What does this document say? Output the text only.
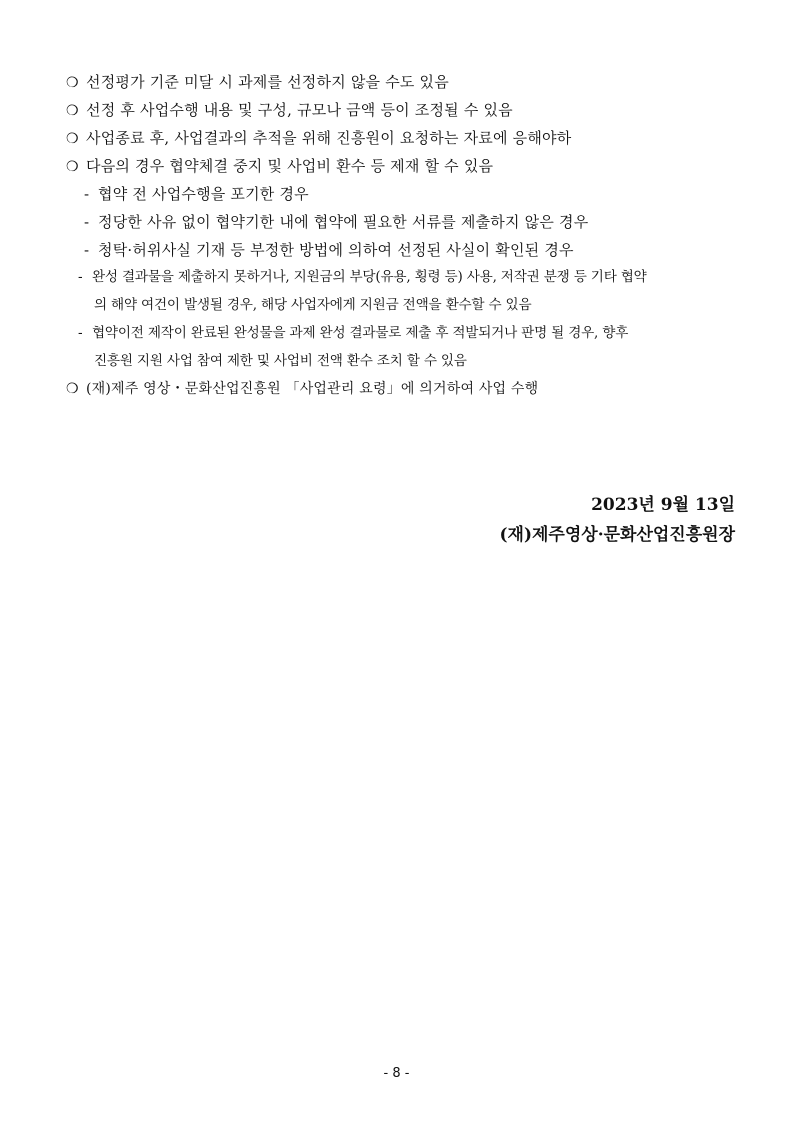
❍ 선정평가 기준 미달 시 과제를 선정하지 않을 수도 있음
❍ 선정 후 사업수행 내용 및 구성, 규모나 금액 등이 조정될 수 있음
❍ 사업종료 후, 사업결과의 추적을 위해 진흥원이 요청하는 자료에 응해야하
❍ 다음의 경우 협약체결 중지 및 사업비 환수 등 제재 할 수 있음
- 협약 전 사업수행을 포기한 경우
- 정당한 사유 없이 협약기한 내에 협약에 필요한 서류를 제출하지 않은 경우
- 청탁·허위사실 기재 등 부정한 방법에 의하여 선정된 사실이 확인된 경우
- 완성 결과물을 제출하지 못하거나, 지원금의 부당(유용, 횡령 등) 사용, 저작권 분쟁 등 기타 협약
의 해약 여건이 발생될 경우, 해당 사업자에게 지원금 전액을 환수할 수 있음
- 협약이전 제작이 완료된 완성물을 과제 완성 결과물로 제출 후 적발되거나 판명 될 경우, 향후
진흥원 지원 사업 참여 제한 및 사업비 전액 환수 조치 할 수 있음
❍ (재)제주 영상・문화산업진흥원 「사업관리 요령」에 의거하여 사업 수행
2023년 9월 13일
(재)제주영상·문화산업진흥원장
- 8 -
